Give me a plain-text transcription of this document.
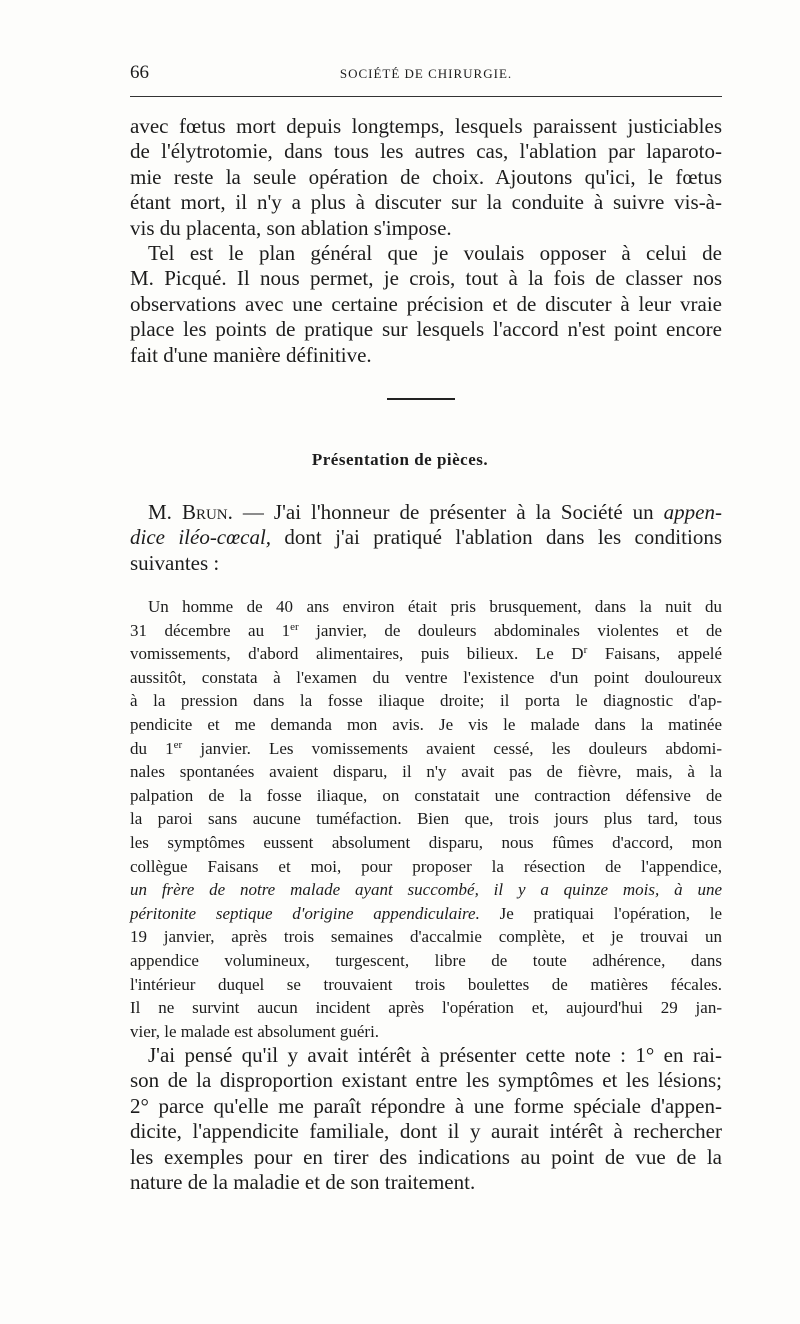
66	SOCIÉTÉ DE CHIRURGIE.

avec fœtus mort depuis longtemps, lesquels paraissent justiciables
de l'élytrotomie, dans tous les autres cas, l'ablation par laparoto-
mie reste la seule opération de choix. Ajoutons qu'ici, le fœtus
étant mort, il n'y a plus à discuter sur la conduite à suivre vis-à-
vis du placenta, son ablation s'impose.

Tel est le plan général que je voulais opposer à celui de
M. Picqué. Il nous permet, je crois, tout à la fois de classer nos
observations avec une certaine précision et de discuter à leur vraie
place les points de pratique sur lesquels l'accord n'est point encore
fait d'une manière définitive.

Présentation de pièces.

M. Brun. — J'ai l'honneur de présenter à la Société un appen-
dice iléo-cœcal, dont j'ai pratiqué l'ablation dans les conditions
suivantes :

Un homme de 40 ans environ était pris brusquement, dans la nuit du
31 décembre au 1er janvier, de douleurs abdominales violentes et de
vomissements, d'abord alimentaires, puis bilieux. Le $D^r$ Faisans, appelé
aussitôt, constata à l'examen du ventre l'existence d'un point douloureux
à la pression dans la fosse iliaque droite; il porta le diagnostic d'ap-
pendicite et me demanda mon avis. Je vis le malade dans la matinée
du 1er janvier. Les vomissements avaient cessé, les douleurs abdomi-
nales spontanées avaient disparu, il n'y avait pas de fièvre, mais, à la
palpation de la fosse iliaque, on constatait une contraction défensive de
la paroi sans aucune tuméfaction. Bien que, trois jours plus tard, tous
les symptômes eussent absolument disparu, nous fûmes d'accord, mon
collègue Faisans et moi, pour proposer la résection de l'appendice,
un frère de notre malade ayant succombé, il y a quinze mois, à une
péritonite septique d'origine appendiculaire. Je pratiquai l'opération, le
19 janvier, après trois semaines d'accalmie complète, et je trouvai un
appendice volumineux, turgescent, libre de toute adhérence, dans
l'intérieur duquel se trouvaient trois boulettes de matières fécales.
Il ne survint aucun incident après l'opération et, aujourd'hui 29 jan-
vier, le malade est absolument guéri.

J'ai pensé qu'il y avait intérêt à présenter cette note : 1° en rai-
son de la disproportion existant entre les symptômes et les lésions;
2° parce qu'elle me paraît répondre à une forme spéciale d'appen-
dicite, l'appendicite familiale, dont il y aurait intérêt à rechercher
les exemples pour en tirer des indications au point de vue de la
nature de la maladie et de son traitement.
